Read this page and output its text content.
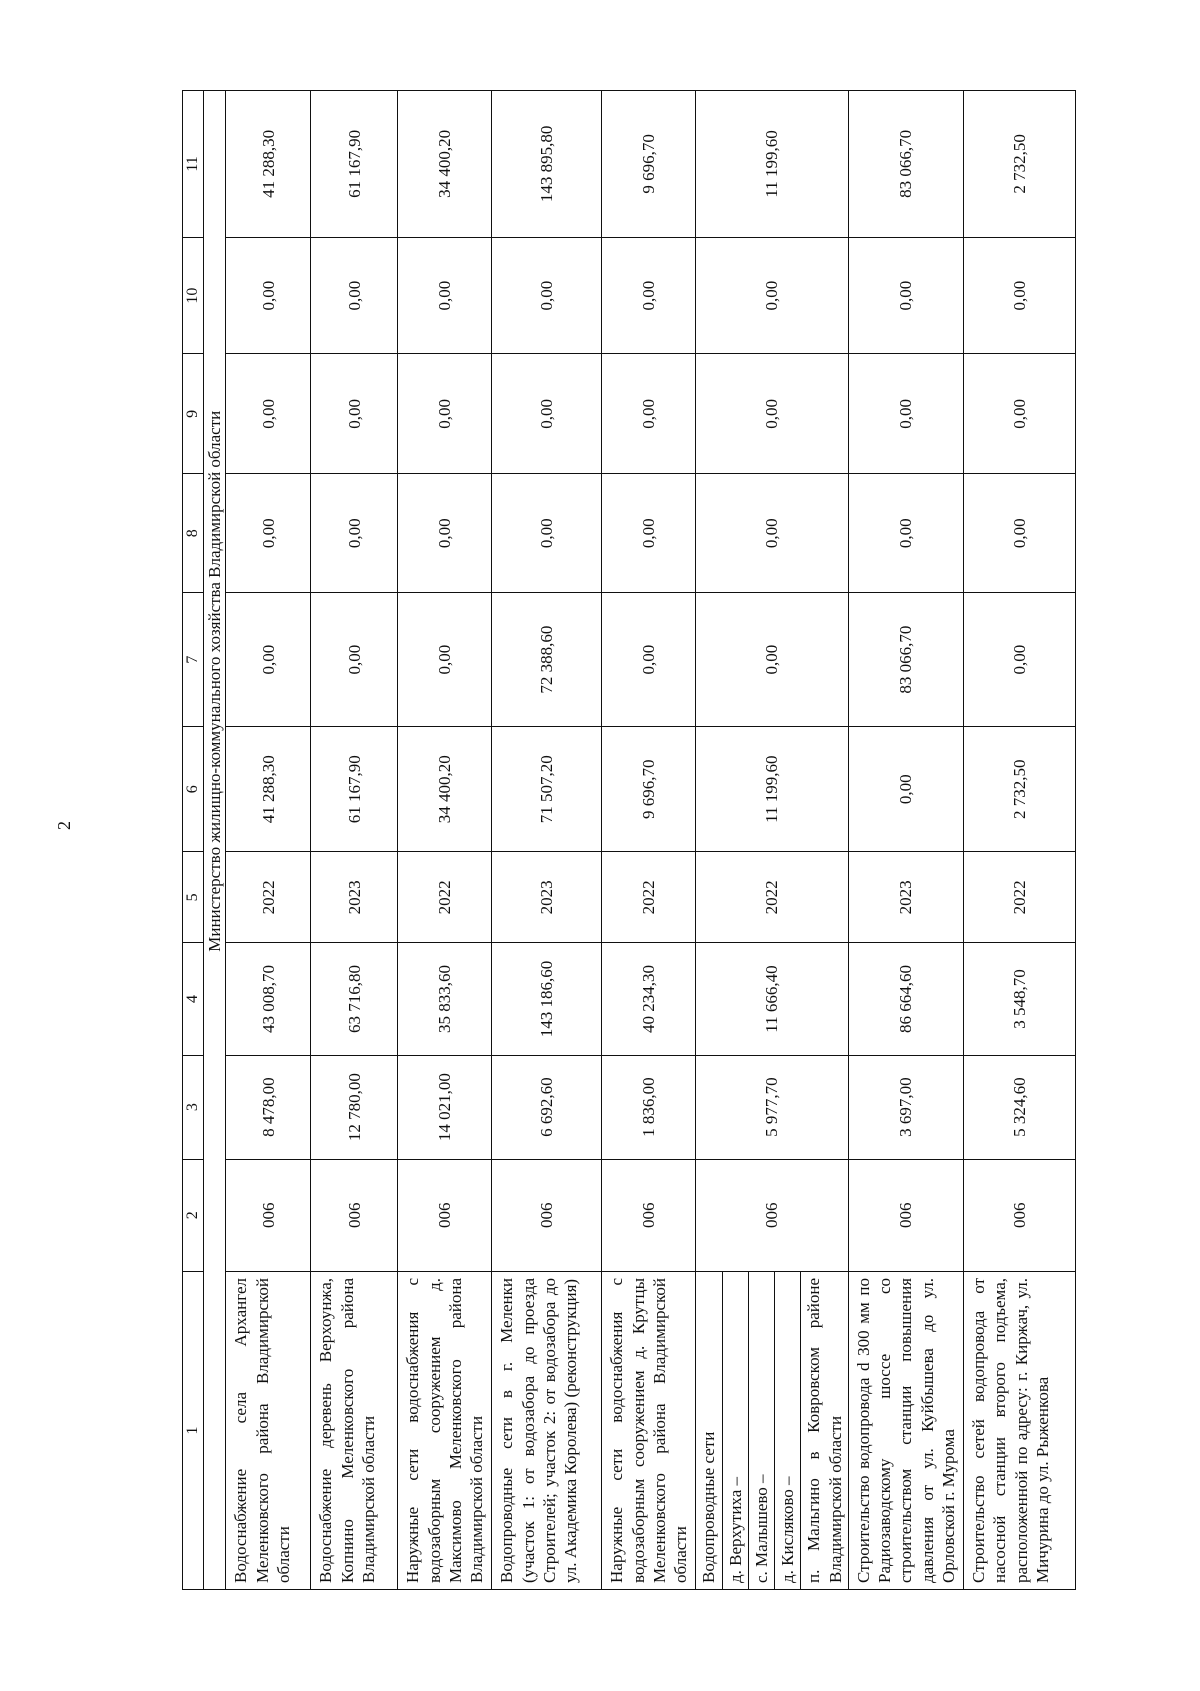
2
1	2	3	4	5	6	7	8	9	10	11
	Министерство жилищно-коммунального хозяйства Владимирской области									
Водоснабжение села Архангел Меленковского района Владимирской области	006	8 478,00	43 008,70	2022	41 288,30	0,00	0,00	0,00	0,00	41 288,30
Водоснабжение деревень Верхоунжа, Копнино Меленковского района Владимирской области	006	12 780,00	63 716,80	2023	61 167,90	0,00	0,00	0,00	0,00	61 167,90
Наружные сети водоснабжения с водозаборным сооружением д. Максимово Меленковского района Владимирской области	006	14 021,00	35 833,60	2022	34 400,20	0,00	0,00	0,00	0,00	34 400,20
Водопроводные сети в г. Меленки (участок 1: от водозабора до проезда Строителей; участок 2: от водозабора до ул. Академика Королева) (реконструкция)	006	6 692,60	143 186,60	2023	71 507,20	72 388,60	0,00	0,00	0,00	143 895,80
Наружные сети водоснабжения с водозаборным сооружением д. Крутцы Меленковского района Владимирской области	006	1 836,00	40 234,30	2022	9 696,70	0,00	0,00	0,00	0,00	9 696,70

Водопроводные сети д. Верхутиха – с. Малышево – д. Кисляково – п. Мальгино в Ковровском районе Владимирской области	006	5 977,70	11 666,40	2022	11 199,60	0,00	0,00	0,00	0,00	11 199,60
Строительство водопровода d 300 мм по Радиозаводскому шоссе со строительством станции повышения давления от ул. Куйбышева до ул. Орловской г. Мурома	006	3 697,00	86 664,60	2023	0,00	83 066,70	0,00	0,00	0,00	83 066,70
Строительство сетей водопровода от насосной станции второго подъема, расположенной по адресу: г. Киржач, ул. Мичурина до ул. Рыженкова	006	5 324,60	3 548,70	2022	2 732,50	0,00	0,00	0,00	0,00	2 732,50
